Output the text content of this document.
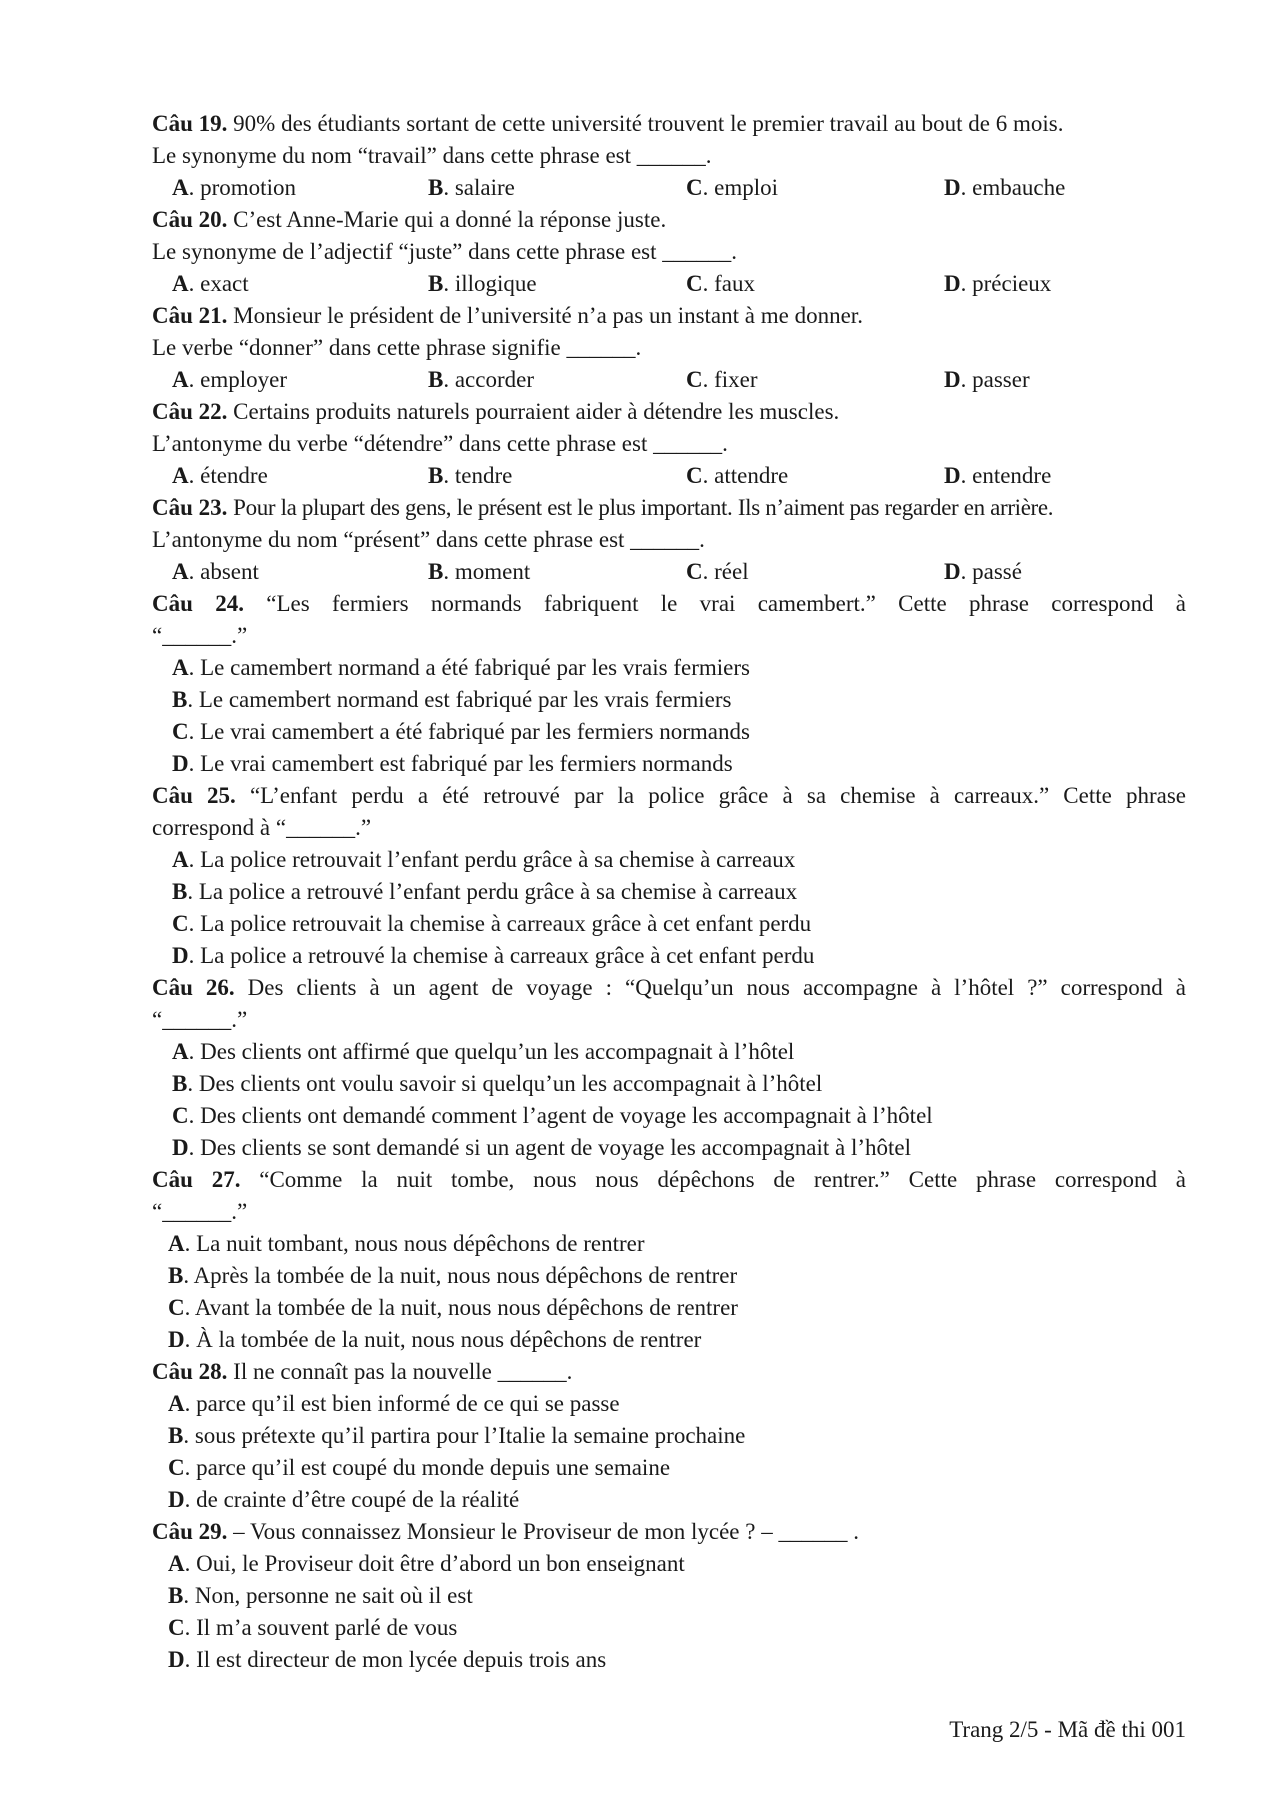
Câu 19. 90% des étudiants sortant de cette université trouvent le premier travail au bout de 6 mois.
Le synonyme du nom “travail” dans cette phrase est ______.
A. promotion	B. salaire	C. emploi	D. embauche
Câu 20. C’est Anne-Marie qui a donné la réponse juste.
Le synonyme de l’adjectif “juste” dans cette phrase est ______.
A. exact	B. illogique	C. faux	D. précieux
Câu 21. Monsieur le président de l’université n’a pas un instant à me donner.
Le verbe “donner” dans cette phrase signifie ______.
A. employer	B. accorder	C. fixer	D. passer
Câu 22. Certains produits naturels pourraient aider à détendre les muscles.
L’antonyme du verbe “détendre” dans cette phrase est ______.
A. étendre	B. tendre	C. attendre	D. entendre
Câu 23. Pour la plupart des gens, le présent est le plus important. Ils n’aiment pas regarder en arrière.
L’antonyme du nom “présent” dans cette phrase est ______.
A. absent	B. moment	C. réel	D. passé
Câu 24. “Les fermiers normands fabriquent le vrai camembert.” Cette phrase correspond à
“______.”
A. Le camembert normand a été fabriqué par les vrais fermiers
B. Le camembert normand est fabriqué par les vrais fermiers
C. Le vrai camembert a été fabriqué par les fermiers normands
D. Le vrai camembert est fabriqué par les fermiers normands
Câu 25. “L’enfant perdu a été retrouvé par la police grâce à sa chemise à carreaux.” Cette phrase
correspond à “______.”
A. La police retrouvait l’enfant perdu grâce à sa chemise à carreaux
B. La police a retrouvé l’enfant perdu grâce à sa chemise à carreaux
C. La police retrouvait la chemise à carreaux grâce à cet enfant perdu
D. La police a retrouvé la chemise à carreaux grâce à cet enfant perdu
Câu 26. Des clients à un agent de voyage : “Quelqu’un nous accompagne à l’hôtel ?” correspond à
“______.”
A. Des clients ont affirmé que quelqu’un les accompagnait à l’hôtel
B. Des clients ont voulu savoir si quelqu’un les accompagnait à l’hôtel
C. Des clients ont demandé comment l’agent de voyage les accompagnait à l’hôtel
D. Des clients se sont demandé si un agent de voyage les accompagnait à l’hôtel
Câu 27. “Comme la nuit tombe, nous nous dépêchons de rentrer.” Cette phrase correspond à
“______.”
A. La nuit tombant, nous nous dépêchons de rentrer
B. Après la tombée de la nuit, nous nous dépêchons de rentrer
C. Avant la tombée de la nuit, nous nous dépêchons de rentrer
D. À la tombée de la nuit, nous nous dépêchons de rentrer
Câu 28. Il ne connaît pas la nouvelle ______.
A. parce qu’il est bien informé de ce qui se passe
B. sous prétexte qu’il partira pour l’Italie la semaine prochaine
C. parce qu’il est coupé du monde depuis une semaine
D. de crainte d’être coupé de la réalité
Câu 29. – Vous connaissez Monsieur le Proviseur de mon lycée ? – ______ .
A. Oui, le Proviseur doit être d’abord un bon enseignant
B. Non, personne ne sait où il est
C. Il m’a souvent parlé de vous
D. Il est directeur de mon lycée depuis trois ans
Trang 2/5 - Mã đề thi 001
